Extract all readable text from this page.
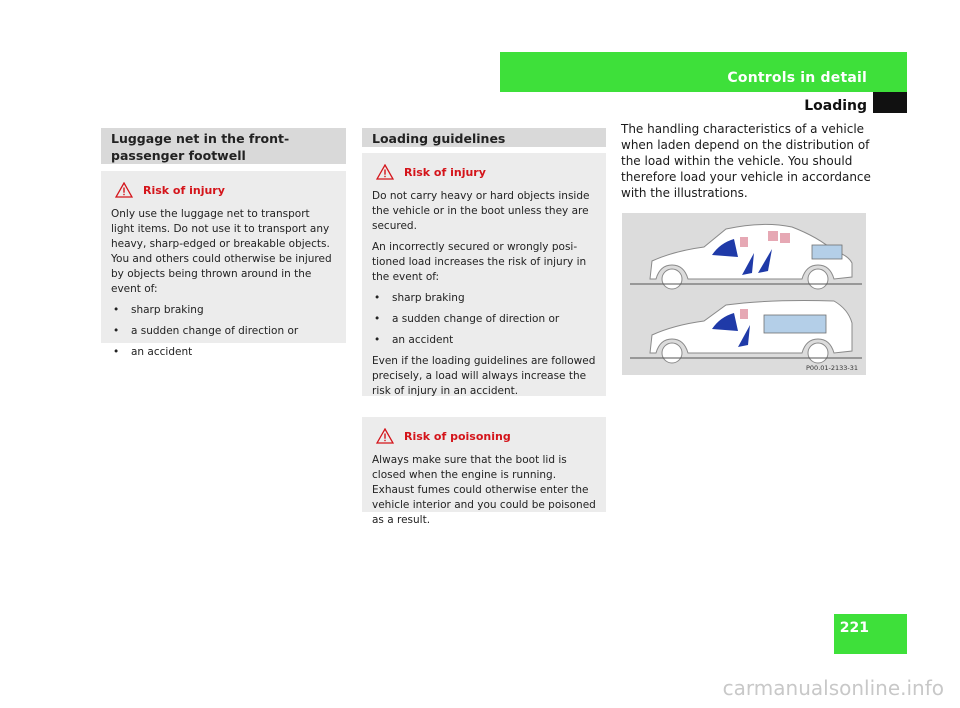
Controls in detail
Loading
Luggage net in the front-passenger footwell
Risk of injury

Only use the luggage net to transport light items. Do not use it to transport any heavy, sharp-edged or breakable objects. You and others could otherwise be injured by objects being thrown around in the event of:

• sharp braking
• a sudden change of direction or
• an accident
Loading guidelines
Risk of injury

Do not carry heavy or hard objects inside the vehicle or in the boot unless they are secured.

An incorrectly secured or wrongly posi-tioned load increases the risk of injury in the event of:

• sharp braking
• a sudden change of direction or
• an accident

Even if the loading guidelines are followed precisely, a load will always increase the risk of injury in an accident.

Risk of poisoning

Always make sure that the boot lid is closed when the engine is running. Exhaust fumes could otherwise enter the vehicle interior and you could be poisoned as a result.

The handling characteristics of a vehicle when laden depend on the distribution of the load within the vehicle. You should therefore load your vehicle in accordance with the illustrations.
P00.01-2133-31
221
carmanualsonline.info
